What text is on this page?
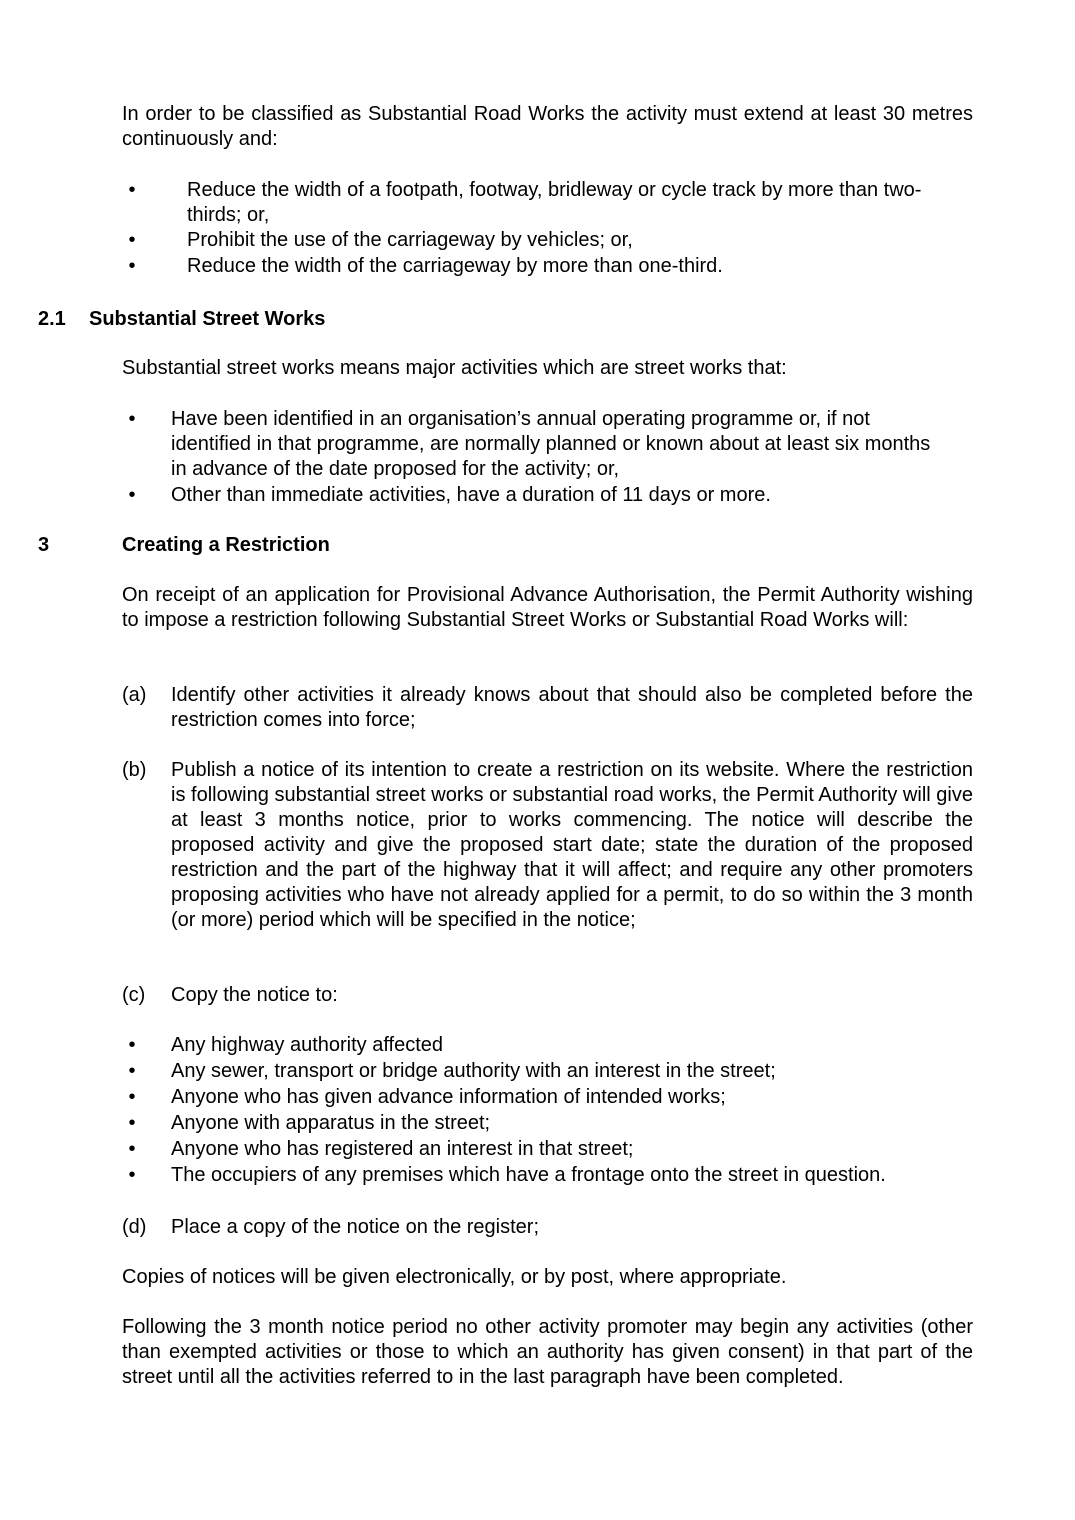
In order to be classified as Substantial Road Works the activity must extend at least 30 metres continuously and:
•	Reduce the width of a footpath, footway, bridleway or cycle track by more than two-thirds; or,
•	Prohibit the use of the carriageway by vehicles; or,
•	Reduce the width of the carriageway by more than one-third.
2.1 Substantial Street Works
Substantial street works means major activities which are street works that:
•	Have been identified in an organisation’s annual operating programme or, if not identified in that programme, are normally planned or known about at least six months in advance of the date proposed for the activity; or,
•	Other than immediate activities, have a duration of 11 days or more.
3	Creating a Restriction
On receipt of an application for Provisional Advance Authorisation, the Permit Authority wishing to impose a restriction following Substantial Street Works or Substantial Road Works will:
(a) Identify other activities it already knows about that should also be completed before the restriction comes into force;
(b) Publish a notice of its intention to create a restriction on its website. Where the restriction is following substantial street works or substantial road works, the Permit Authority will give at least 3 months notice, prior to works commencing. The notice will describe the proposed activity and give the proposed start date; state the duration of the proposed restriction and the part of the highway that it will affect; and require any other promoters proposing activities who have not already applied for a permit, to do so within the 3 month (or more) period which will be specified in the notice;
(c) Copy the notice to:
•	Any highway authority affected
•	Any sewer, transport or bridge authority with an interest in the street;
•	Anyone who has given advance information of intended works;
•	Anyone with apparatus in the street;
•	Anyone who has registered an interest in that street;
•	The occupiers of any premises which have a frontage onto the street in question.
(d) Place a copy of the notice on the register;
Copies of notices will be given electronically, or by post, where appropriate.
Following the 3 month notice period no other activity promoter may begin any activities (other than exempted activities or those to which an authority has given consent) in that part of the street until all the activities referred to in the last paragraph have been completed.
